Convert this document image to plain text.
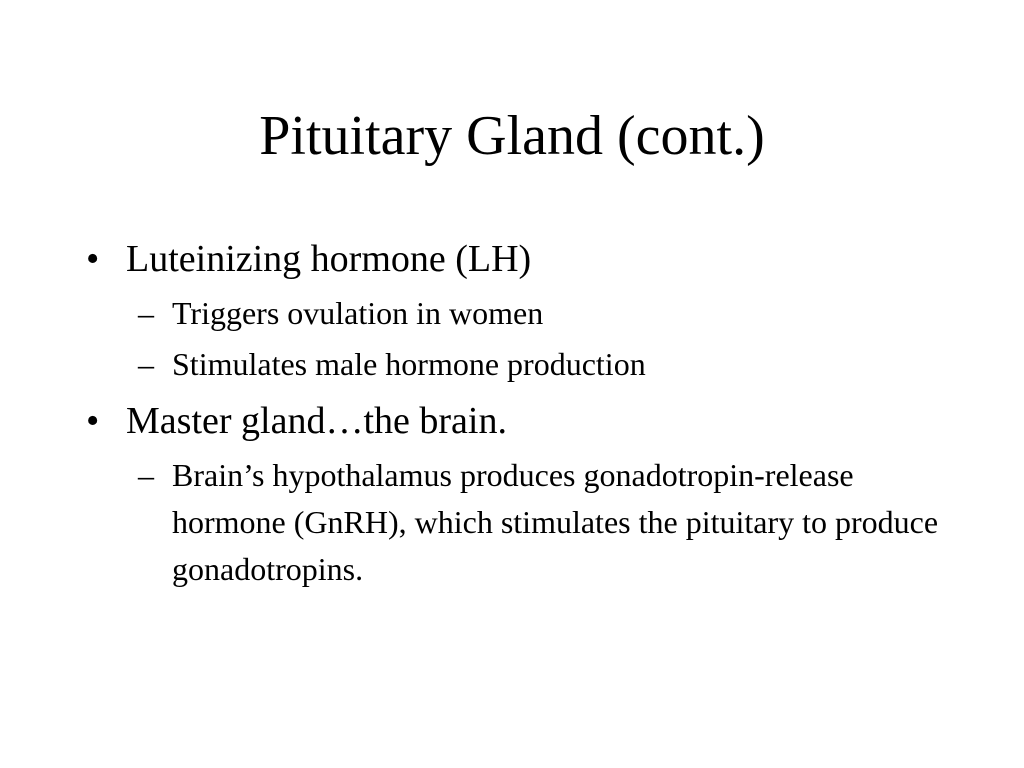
Pituitary Gland (cont.)

• Luteinizing hormone (LH)

– Triggers ovulation in women

– Stimulates male hormone production

• Master gland…the brain.

– Brain’s hypothalamus produces gonadotropin-release hormone (GnRH), which stimulates the pituitary to produce gonadotropins.
